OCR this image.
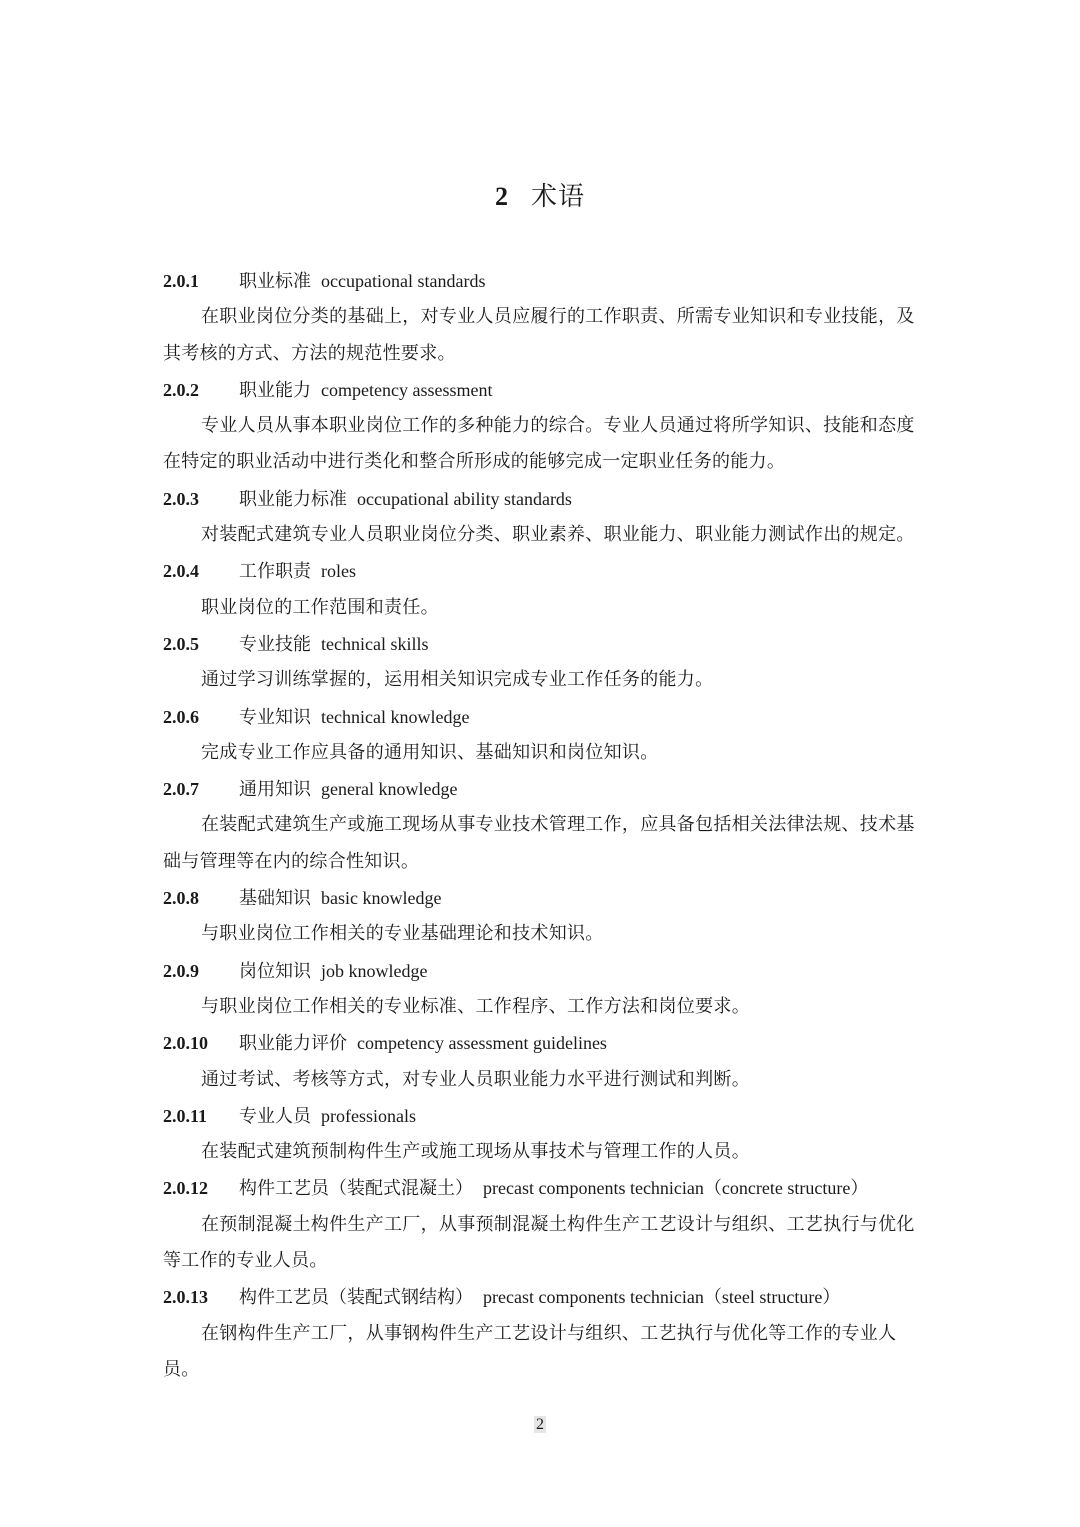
2 术语
2.0.1 职业标准 occupational standards

在职业岗位分类的基础上，对专业人员应履行的工作职责、所需专业知识和专业技能，及其考核的方式、方法的规范性要求。

2.0.2 职业能力 competency assessment

专业人员从事本职业岗位工作的多种能力的综合。专业人员通过将所学知识、技能和态度在特定的职业活动中进行类化和整合所形成的能够完成一定职业任务的能力。

2.0.3 职业能力标准 occupational ability standards

对装配式建筑专业人员职业岗位分类、职业素养、职业能力、职业能力测试作出的规定。

2.0.4 工作职责 roles

职业岗位的工作范围和责任。

2.0.5 专业技能 technical skills

通过学习训练掌握的，运用相关知识完成专业工作任务的能力。

2.0.6 专业知识 technical knowledge

完成专业工作应具备的通用知识、基础知识和岗位知识。

2.0.7 通用知识 general knowledge

在装配式建筑生产或施工现场从事专业技术管理工作，应具备包括相关法律法规、技术基础与管理等在内的综合性知识。

2.0.8 基础知识 basic knowledge

与职业岗位工作相关的专业基础理论和技术知识。

2.0.9 岗位知识 job knowledge

与职业岗位工作相关的专业标准、工作程序、工作方法和岗位要求。

2.0.10 职业能力评价 competency assessment guidelines

通过考试、考核等方式，对专业人员职业能力水平进行测试和判断。

2.0.11 专业人员 professionals

在装配式建筑预制构件生产或施工现场从事技术与管理工作的人员。

2.0.12 构件工艺员（装配式混凝土） precast components technician（concrete structure）

在预制混凝土构件生产工厂，从事预制混凝土构件生产工艺设计与组织、工艺执行与优化等工作的专业人员。

2.0.13 构件工艺员（装配式钢结构） precast components technician（steel structure）

在钢构件生产工厂，从事钢构件生产工艺设计与组织、工艺执行与优化等工作的专业人员。

2
